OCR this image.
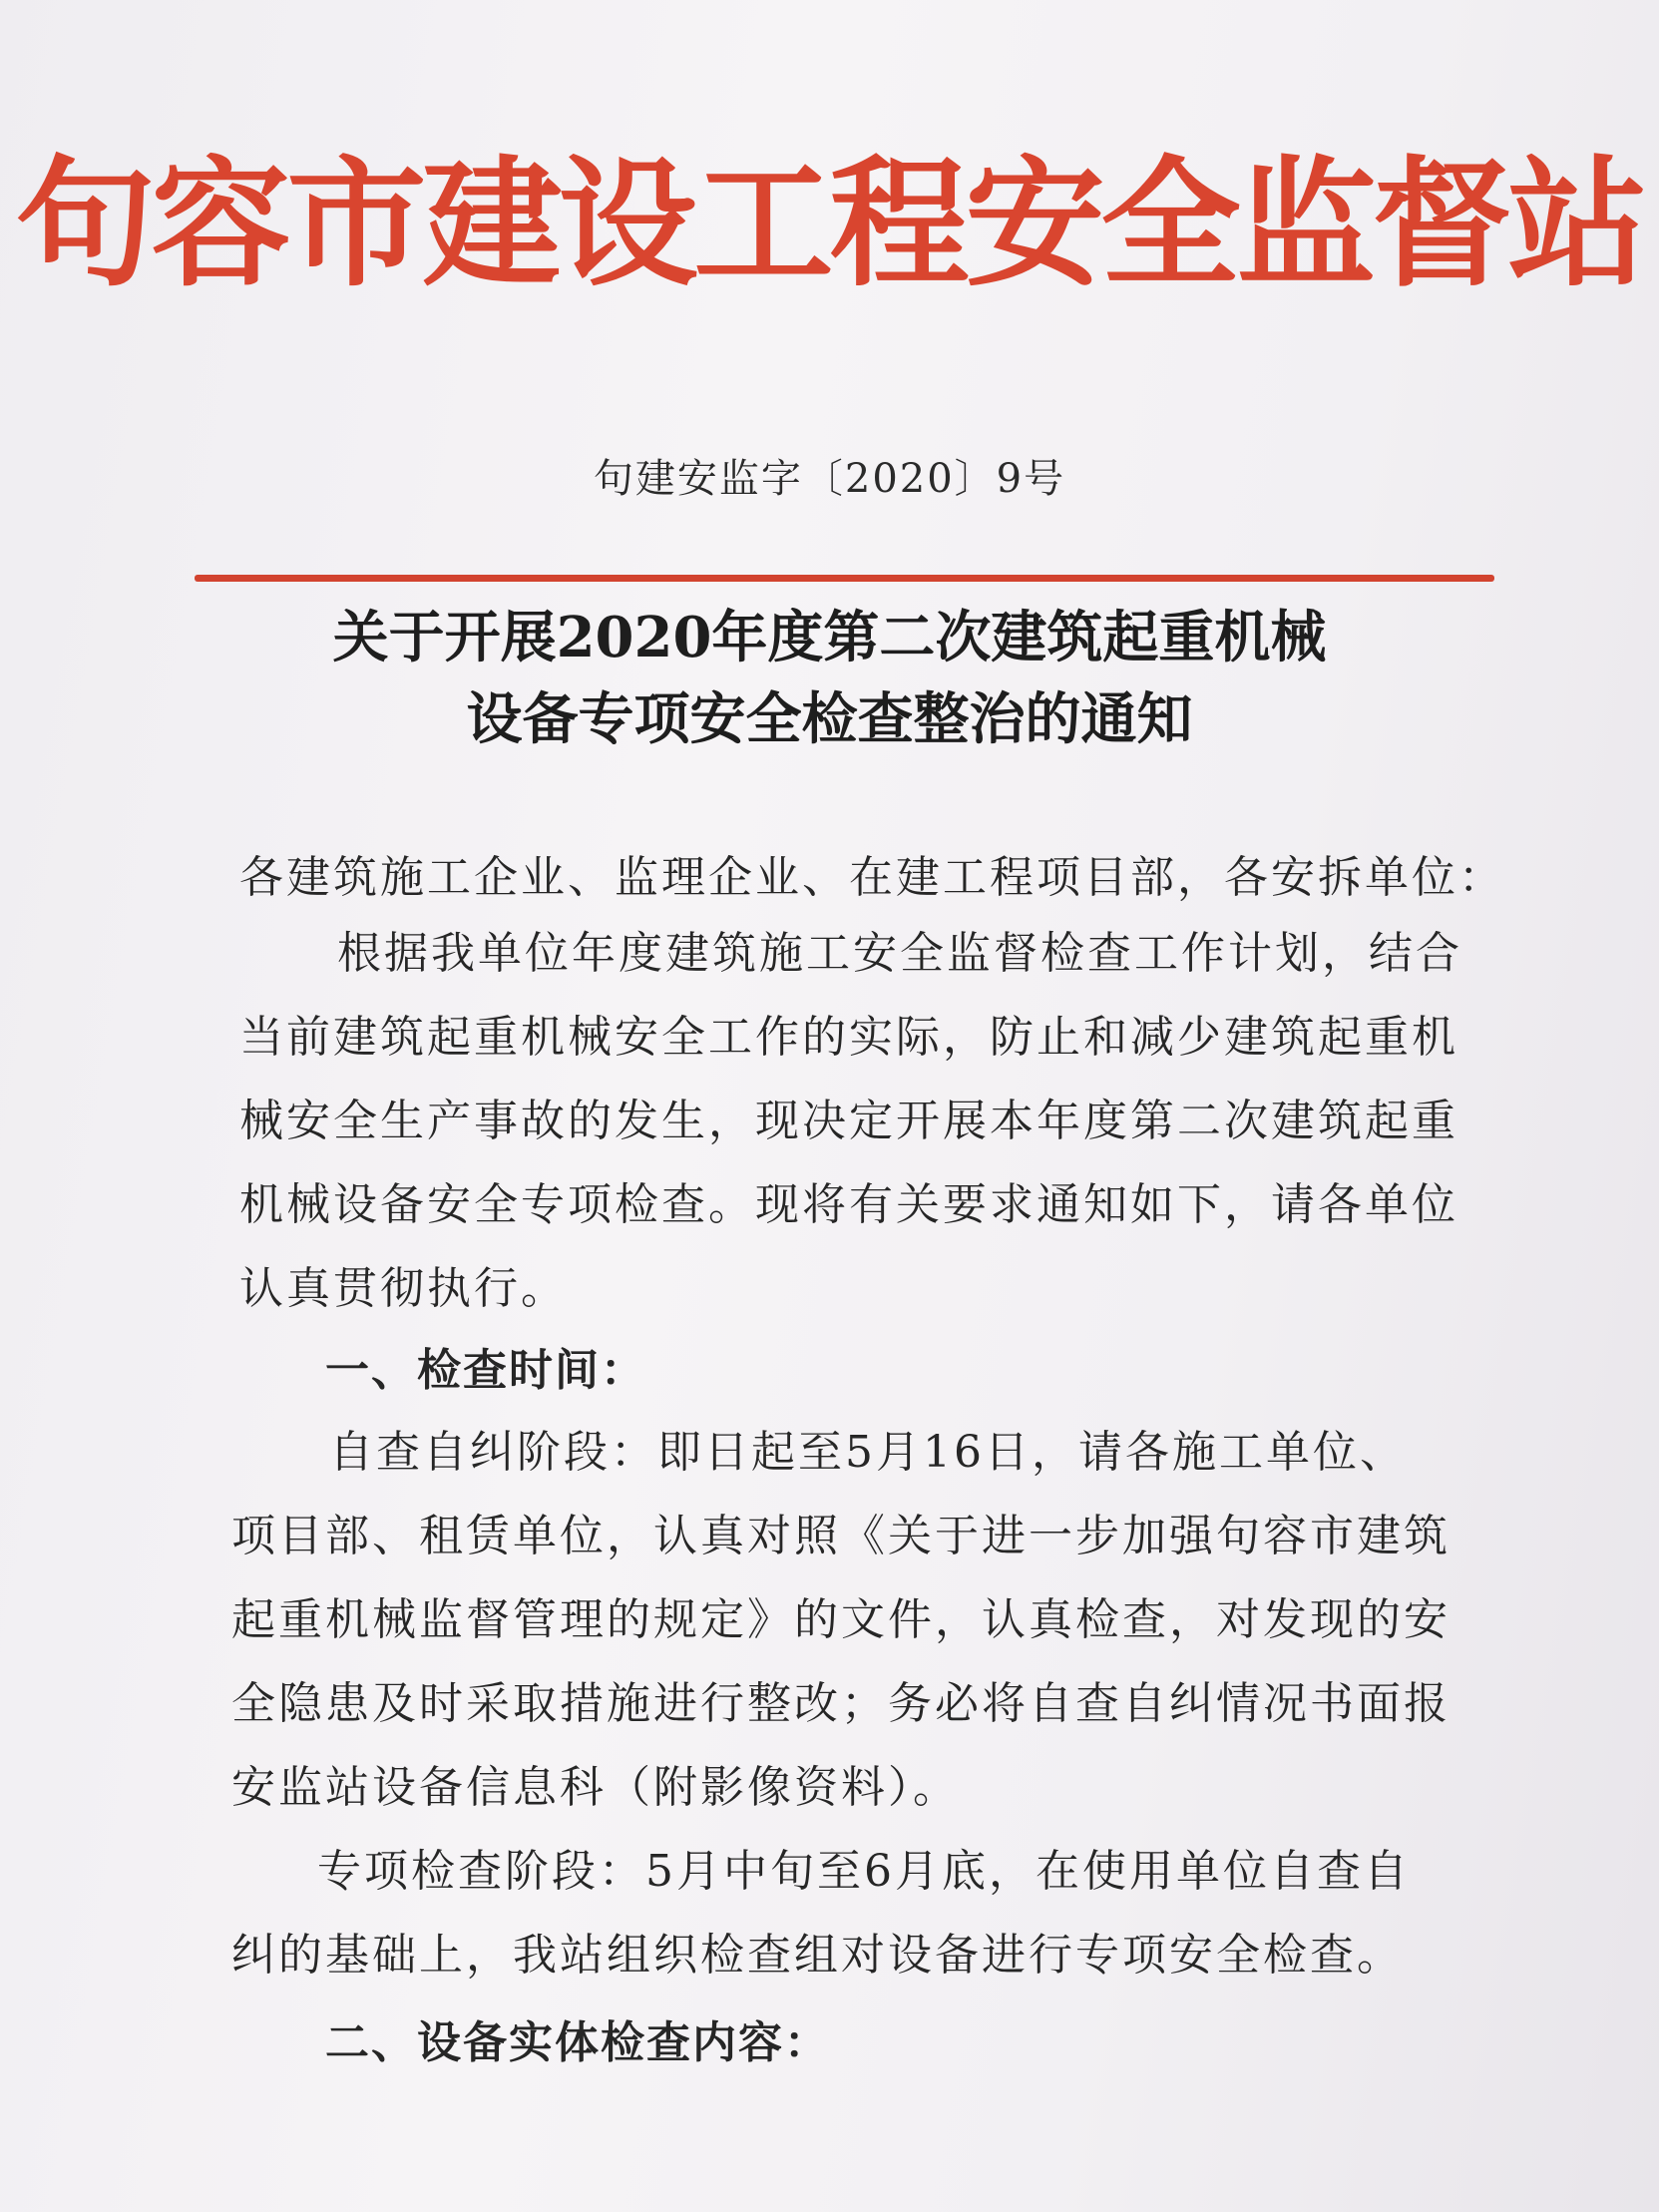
句容市建设工程安全监督站
句建安监字〔2020〕9号
关于开展2020年度第二次建筑起重机械
设备专项安全检查整治的通知
各建筑施工企业、监理企业、在建工程项目部，各安拆单位：
根据我单位年度建筑施工安全监督检查工作计划，结合
当前建筑起重机械安全工作的实际，防止和减少建筑起重机
械安全生产事故的发生，现决定开展本年度第二次建筑起重
机械设备安全专项检查。现将有关要求通知如下，请各单位
认真贯彻执行。
一、检查时间：
自查自纠阶段：即日起至5月16日，请各施工单位、
项目部、租赁单位，认真对照《关于进一步加强句容市建筑
起重机械监督管理的规定》的文件，认真检查，对发现的安
全隐患及时采取措施进行整改；务必将自查自纠情况书面报
安监站设备信息科（附影像资料）。
专项检查阶段：5月中旬至6月底，在使用单位自查自
纠的基础上，我站组织检查组对设备进行专项安全检查。
二、设备实体检查内容：
